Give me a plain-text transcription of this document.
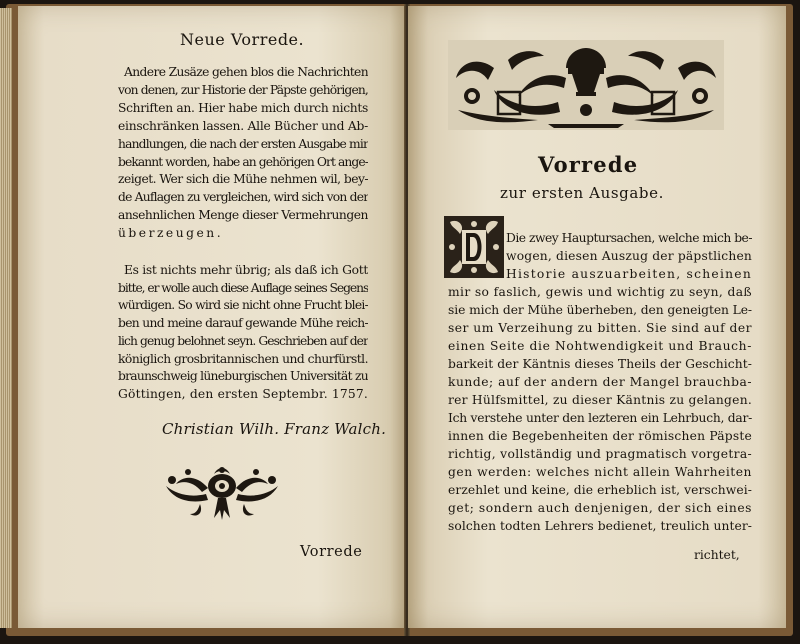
Neue Vorrede.
Andere Zusäze gehen blos die Nachrichten
von denen, zur Historie der Päpste gehörigen,
Schriften an. Hier habe mich durch nichts
einschränken lassen. Alle Bücher und Ab-
handlungen, die nach der ersten Ausgabe mir
bekannt worden, habe an gehörigen Ort ange-
zeiget. Wer sich die Mühe nehmen wil, bey-
de Auflagen zu vergleichen, wird sich von der
ansehnlichen Menge dieser Vermehrungen
überzeugen.
Es ist nichts mehr übrig; als daß ich Gott
bitte, er wolle auch diese Auflage seines Segens
würdigen. So wird sie nicht ohne Frucht blei-
ben und meine darauf gewande Mühe reich-
lich genug belohnet seyn. Geschrieben auf der
königlich grosbritannischen und churfürstl.
braunschweig lüneburgischen Universität zu
Göttingen, den ersten Septembr. 1757.
Christian Wilh. Franz Walch.
Vorrede
Vorrede
zur ersten Ausgabe.
Die zwey Hauptursachen, welche mich be-
wogen, diesen Auszug der päpstlichen
Historie auszuarbeiten, scheinen
mir so faslich, gewis und wichtig zu seyn, daß
sie mich der Mühe überheben, den geneigten Le-
ser um Verzeihung zu bitten. Sie sind auf der
einen Seite die Nohtwendigkeit und Brauch-
barkeit der Käntnis dieses Theils der Geschicht-
kunde; auf der andern der Mangel brauchba-
rer Hülfsmittel, zu dieser Käntnis zu gelangen.
Ich verstehe unter den lezteren ein Lehrbuch, dar-
innen die Begebenheiten der römischen Päpste
richtig, vollständig und pragmatisch vorgetra-
gen werden: welches nicht allein Wahrheiten
erzehlet und keine, die erheblich ist, verschwei-
get; sondern auch denjenigen, der sich eines
solchen todten Lehrers bedienet, treulich unter-
richtet,
